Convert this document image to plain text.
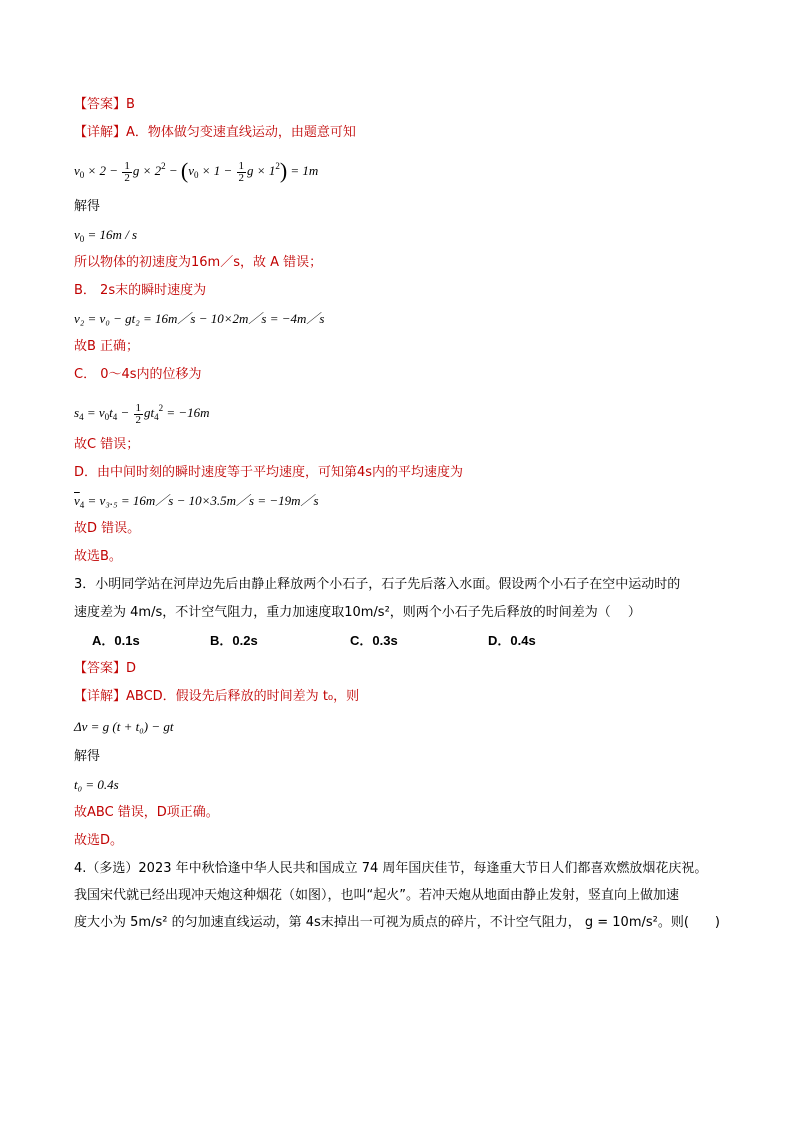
【答案】B
【详解】A．物体做匀变速直线运动，由题意可知
$v_0 \times 2 - \frac{1}{2}$ $g \times 2^2 - (v_0 \times 1 - \frac{1}{2}$ $g \times 1^2) = 1m$
解得
$v_0 = 16m / s$
所以物体的初速度为16m／s，故 A 错误；
B． 2s末的瞬时速度为
v₂ = v₀ − gt₂ = 16m／s − 10×2m／s = −4m／s
故B 正确；
C． 0～4s内的位移为
$s_4 = v_0t_4 - \frac{1}{2} gt_4^2 = -16m$
故C 错误；
D．由中间时刻的瞬时速度等于平均速度，可知第4s内的平均速度为
$\overline{v}_4 = v_3._5$ = 16m／s − 10×3.5m／s = −19m／s
故D 错误。
故选B。
3．小明同学站在河岸边先后由静止释放两个小石子，石子先后落入水面。假设两个小石子在空中运动时的
速度差为 4m/s，不计空气阻力，重力加速度取10m/s²，则两个小石子先后释放的时间差为（　 ）
A．0.1s	B．0.2s	C．0.3s	D．0.4s
【答案】D
【详解】ABCD．假设先后释放的时间差为 t₀，则
Δv = g (t + t₀) − gt
解得
t₀ = 0.4s
故ABC 错误，D项正确。
故选D。
4.（多选）2023 年中秋恰逢中华人民共和国成立 74 周年国庆佳节，每逢重大节日人们都喜欢燃放烟花庆祝。
我国宋代就已经出现冲天炮这种烟花（如图），也叫“起火”。若冲天炮从地面由静止发射，竖直向上做加速
度大小为 5m/s² 的匀加速直线运动，第 4s末掉出一可视为质点的碎片，不计空气阻力， g = 10m/s²。则(　　)
